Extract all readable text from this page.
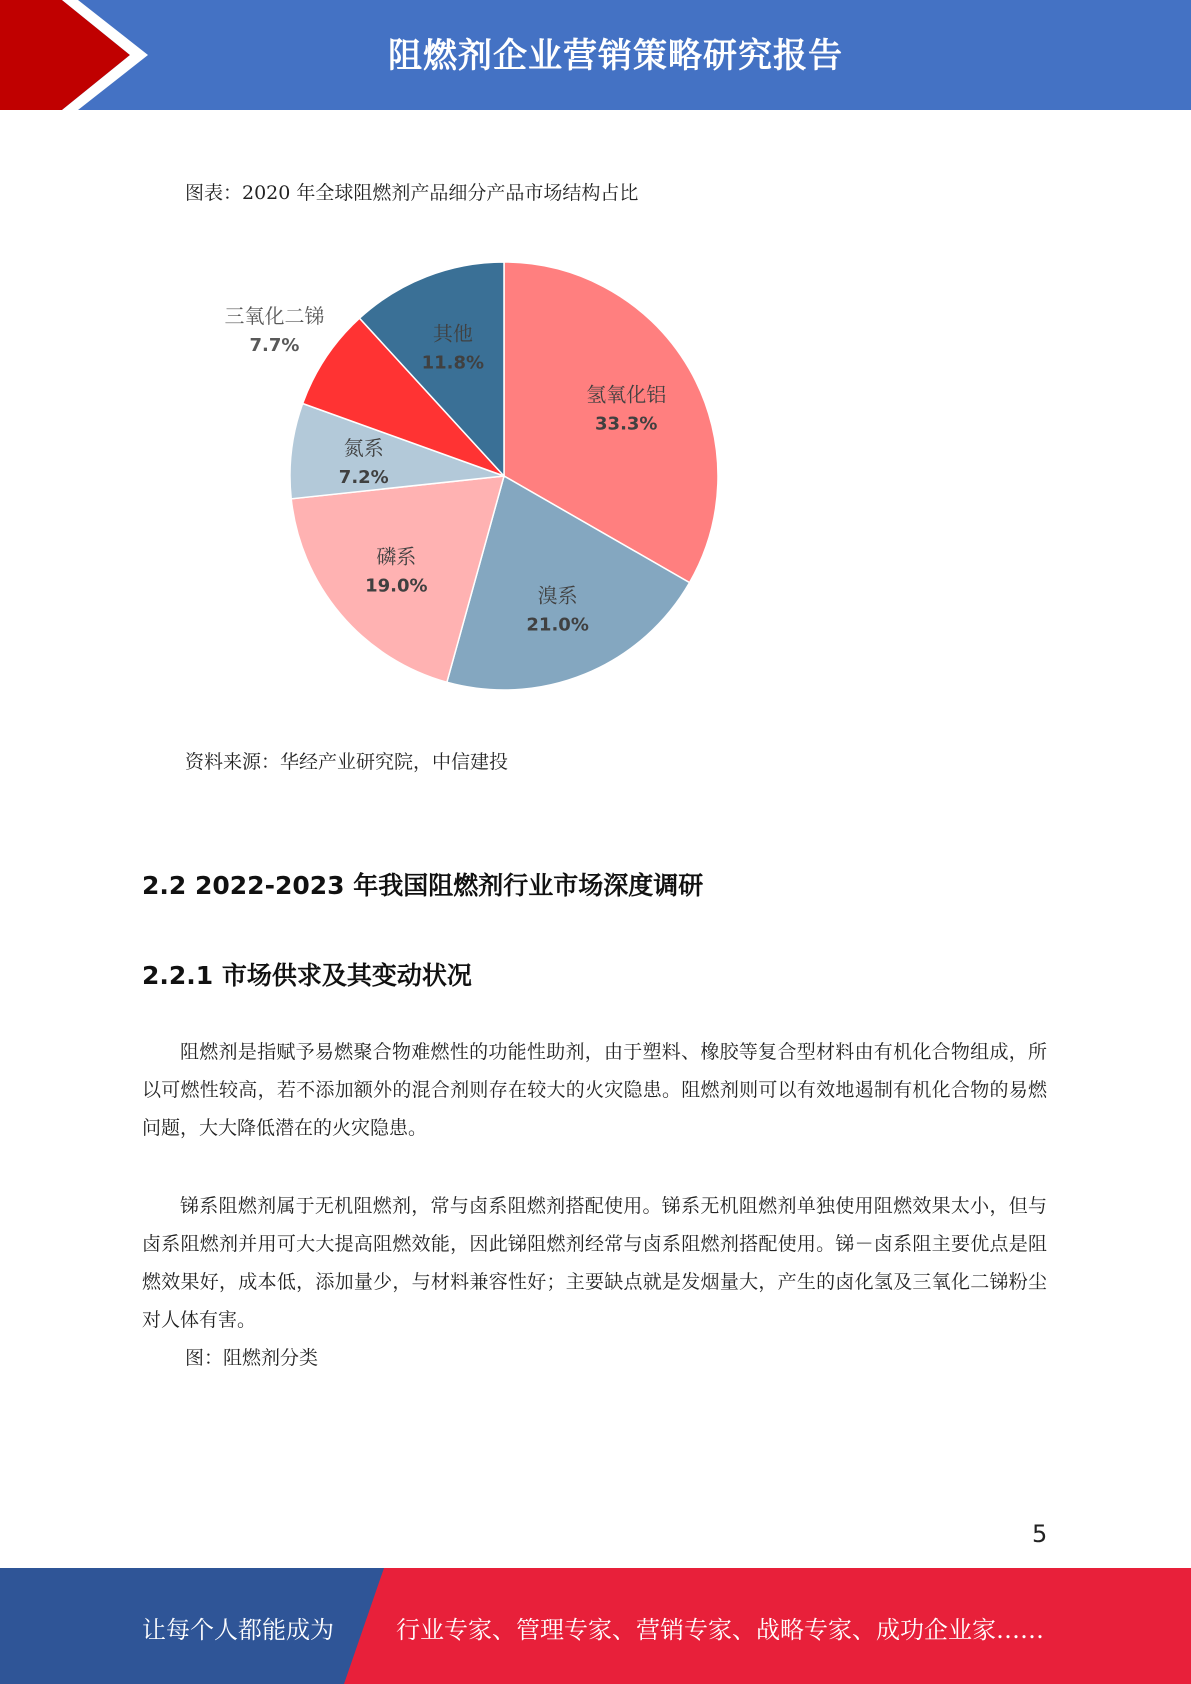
阻燃剂企业营销策略研究报告
图表：2020 年全球阻燃剂产品细分产品市场结构占比
氢氧化铝
33.3%
溴系
21.0%
磷系
19.0%
氮系
7.2%
三氧化二锑
7.7%
其他
11.8%
资料来源：华经产业研究院，中信建投
2.2 2022-2023 年我国阻燃剂行业市场深度调研
2.2.1 市场供求及其变动状况

阻燃剂是指赋予易燃聚合物难燃性的功能性助剂，由于塑料、橡胶等复合型材料由有机化合物组成，所以可燃性较高，若不添加额外的混合剂则存在较大的火灾隐患。阻燃剂则可以有效地遏制有机化合物的易燃问题，大大降低潜在的火灾隐患。

锑系阻燃剂属于无机阻燃剂，常与卤系阻燃剂搭配使用。锑系无机阻燃剂单独使用阻燃效果太小，但与卤系阻燃剂并用可大大提高阻燃效能，因此锑阻燃剂经常与卤系阻燃剂搭配使用。锑－卤系阻主要优点是阻燃效果好，成本低，添加量少，与材料兼容性好；主要缺点就是发烟量大，产生的卤化氢及三氧化二锑粉尘对人体有害。

图：阻燃剂分类
5
让每个人都能成为	行业专家、管理专家、营销专家、战略专家、成功企业家……
